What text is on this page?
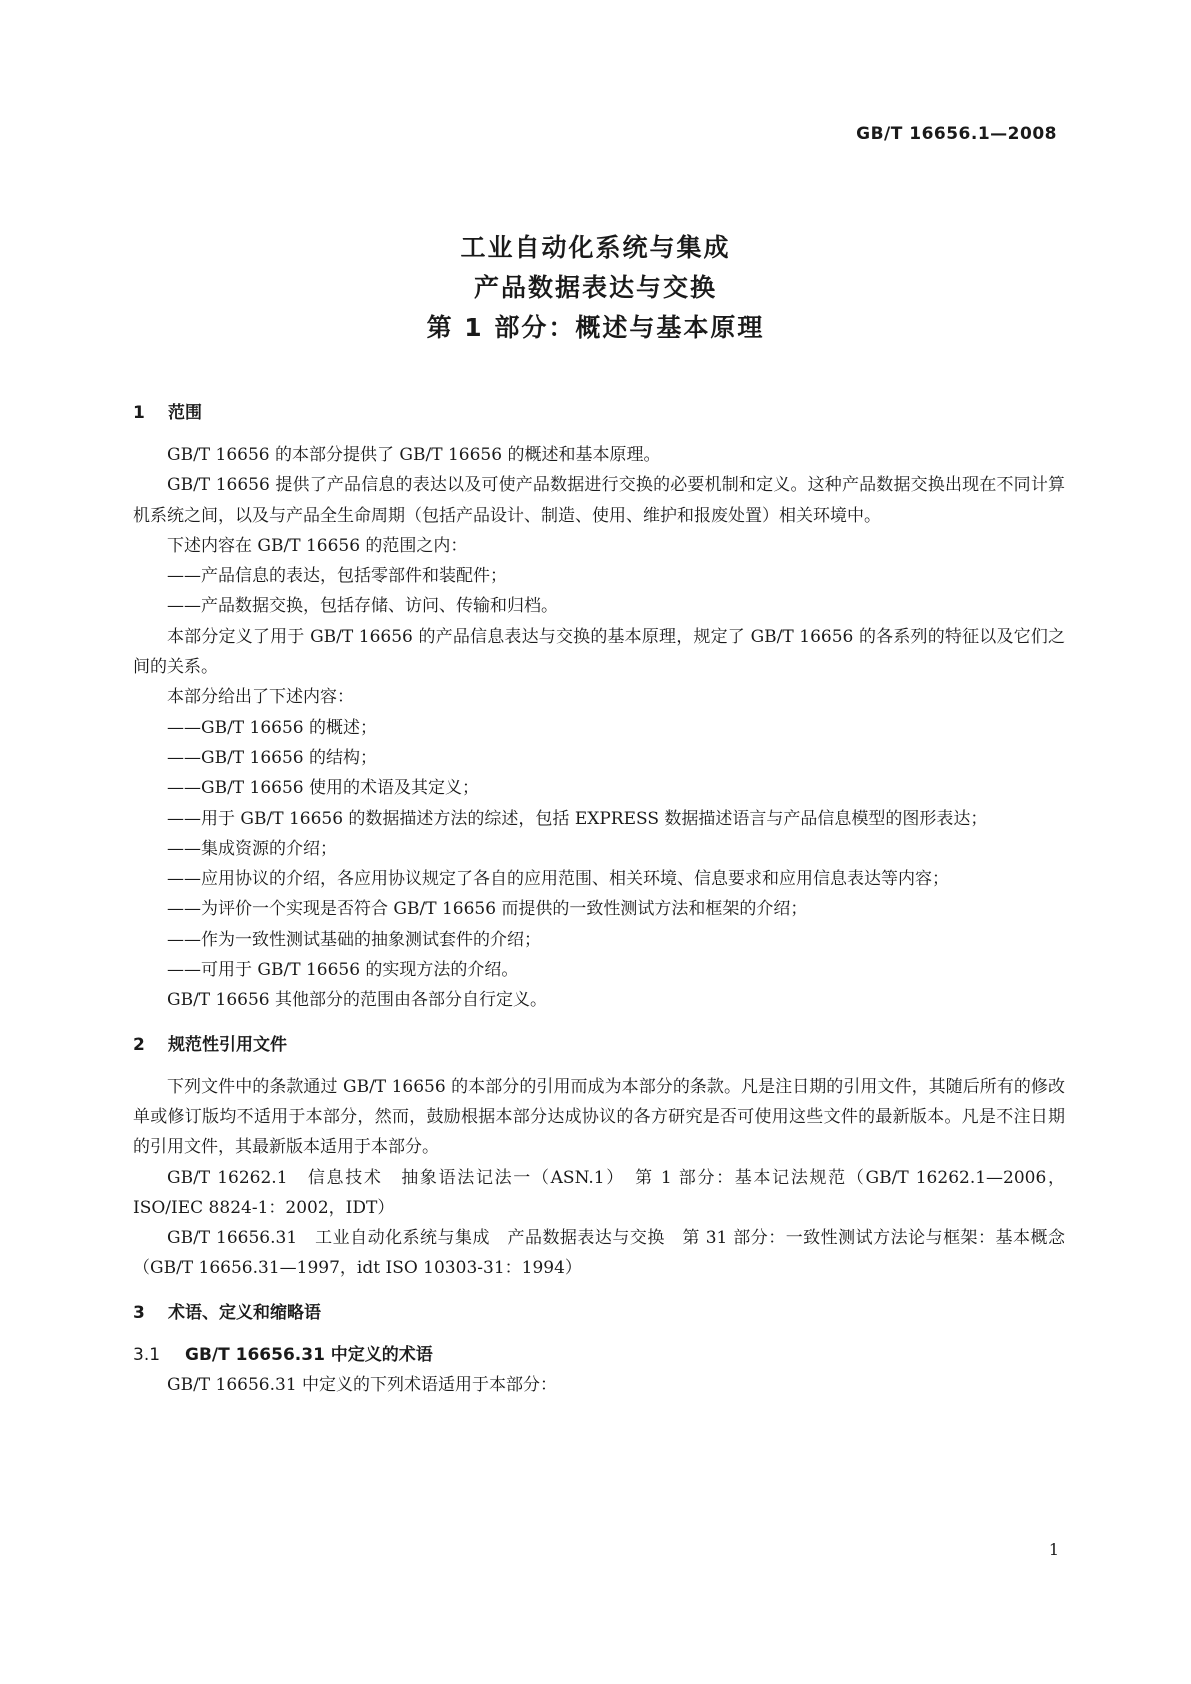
GB/T 16656.1—2008
工业自动化系统与集成
产品数据表达与交换
第 1 部分：概述与基本原理
1 范围

GB/T 16656 的本部分提供了 GB/T 16656 的概述和基本原理。

GB/T 16656 提供了产品信息的表达以及可使产品数据进行交换的必要机制和定义。这种产品数据交换出现在不同计算机系统之间，以及与产品全生命周期（包括产品设计、制造、使用、维护和报废处置）相关环境中。

下述内容在 GB/T 16656 的范围之内：

——产品信息的表达，包括零部件和装配件；

——产品数据交换，包括存储、访问、传输和归档。

本部分定义了用于 GB/T 16656 的产品信息表达与交换的基本原理，规定了 GB/T 16656 的各系列的特征以及它们之间的关系。

本部分给出了下述内容：

——GB/T 16656 的概述；

——GB/T 16656 的结构；

——GB/T 16656 使用的术语及其定义；

——用于 GB/T 16656 的数据描述方法的综述，包括 EXPRESS 数据描述语言与产品信息模型的图形表达；

——集成资源的介绍；

——应用协议的介绍，各应用协议规定了各自的应用范围、相关环境、信息要求和应用信息表达等内容；

——为评价一个实现是否符合 GB/T 16656 而提供的一致性测试方法和框架的介绍；

——作为一致性测试基础的抽象测试套件的介绍；

——可用于 GB/T 16656 的实现方法的介绍。

GB/T 16656 其他部分的范围由各部分自行定义。

2 规范性引用文件

下列文件中的条款通过 GB/T 16656 的本部分的引用而成为本部分的条款。凡是注日期的引用文件，其随后所有的修改单或修订版均不适用于本部分，然而，鼓励根据本部分达成协议的各方研究是否可使用这些文件的最新版本。凡是不注日期的引用文件，其最新版本适用于本部分。

GB/T 16262.1　信息技术　抽象语法记法一（ASN.1）　第 1 部分：基本记法规范（GB/T 16262.1—2006，ISO/IEC 8824-1：2002，IDT）

GB/T 16656.31　工业自动化系统与集成　产品数据表达与交换　第 31 部分：一致性测试方法论与框架：基本概念（GB/T 16656.31—1997，idt ISO 10303-31：1994）

3 术语、定义和缩略语
3.1 GB/T 16656.31 中定义的术语

GB/T 16656.31 中定义的下列术语适用于本部分：

1
